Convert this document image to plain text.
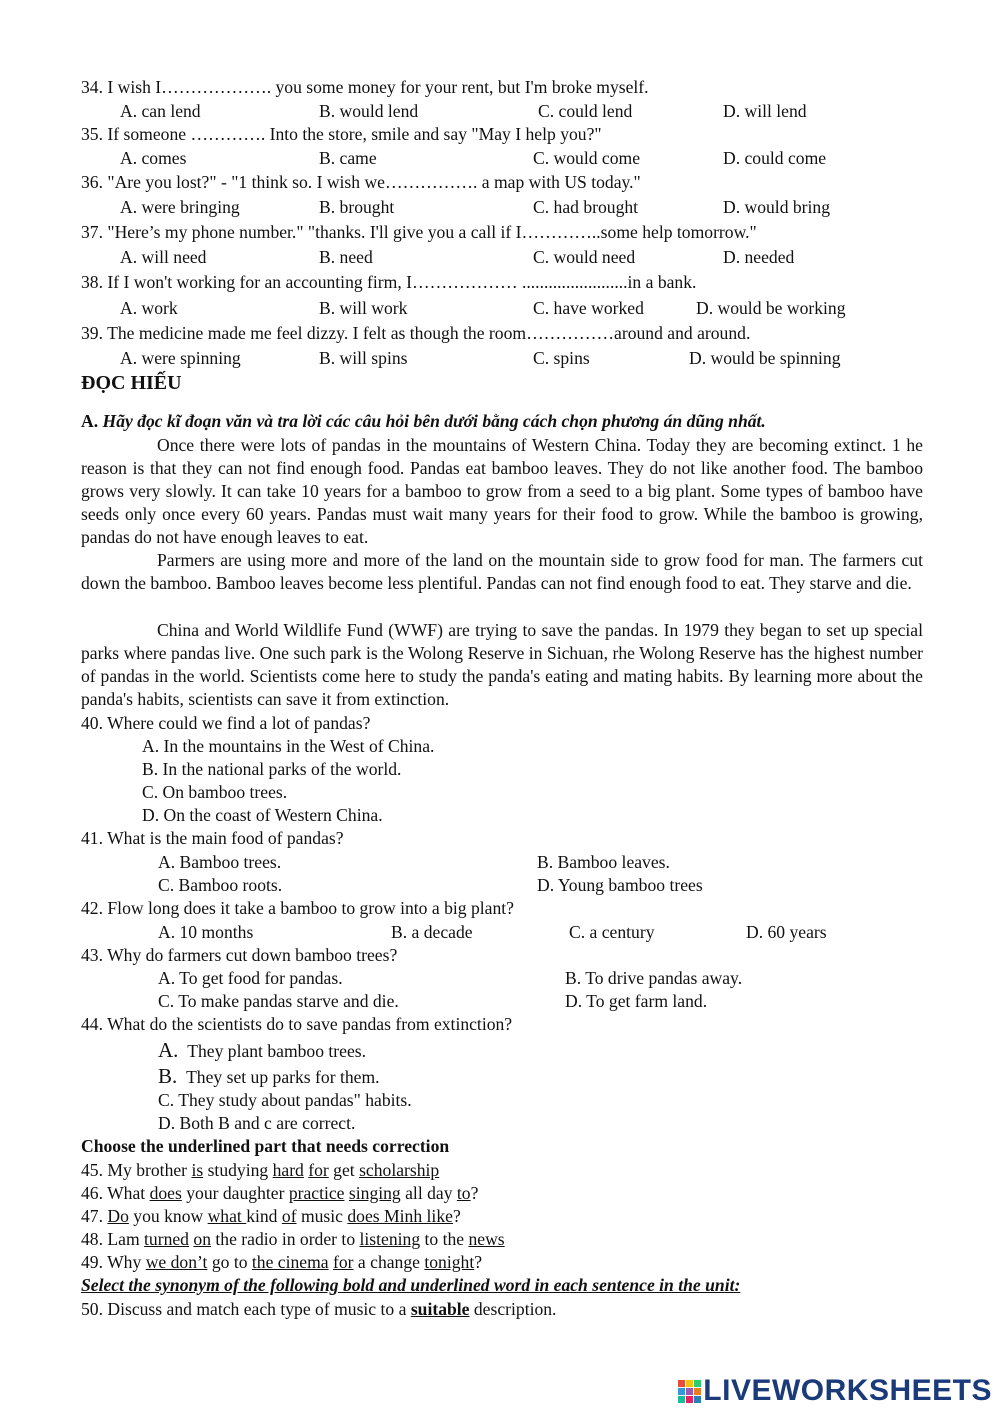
34. I wish I………………. you some money for your rent, but I'm broke myself.
A. can lend	B. would lend	C. could lend	D. will lend
35. If someone …………. Into the store, smile and say "May I help you?"
A. comes	B. came	C. would come	D. could come
36. "Are you lost?" - "1 think so. I wish we……………. a map with US today."
A. were bringing	B. brought	C. had brought	D. would bring
37. "Here’s my phone number." "thanks. I'll give you a call if I…………..some help tomorrow."
A. will need	B. need	C. would need	D. needed
38. If I won't working for an accounting firm, I……………… ........................in a bank.
A. work	B. will work	C. have worked	D. would be working
39. The medicine made me feel dizzy. I felt as though the room……………around and around.
A. were spinning	B. will spins	C. spins	D. would be spinning
ĐỌC HIẾU
A. Hãy đọc kĩ đoạn văn và tra lời các câu hỏi bên dưới bằng cách chọn phương án dũng nhất.
Once there were lots of pandas in the mountains of Western China. Today they are becoming extinct. 1 he reason is that they can not find enough food. Pandas eat bamboo leaves. They do not like another food. The bamboo grows very slowly. It can take 10 years for a bamboo to grow from a seed to a big plant. Some types of bamboo have seeds only once every 60 years. Pandas must wait many years for their food to grow. While the bamboo is growing, pandas do not have enough leaves to eat.
Parmers are using more and more of the land on the mountain side to grow food for man. The farmers cut down the bamboo. Bamboo leaves become less plentiful. Pandas can not find enough food to eat. They starve and die.
China and World Wildlife Fund (WWF) are trying to save the pandas. In 1979 they began to set up special parks where pandas live. One such park is the Wolong Reserve in Sichuan, rhe Wolong Reserve has the highest number of pandas in the world. Scientists come here to study the panda's eating and mating habits. By learning more about the panda's habits, scientists can save it from extinction.
40. Where could we find a lot of pandas?
A. In the mountains in the West of China.
B. In the national parks of the world.
C. On bamboo trees.
D. On the coast of Western China.
41. What is the main food of pandas?
A. Bamboo trees.	B. Bamboo leaves.
C. Bamboo roots.	D. Young bamboo trees
42. Flow long does it take a bamboo to grow into a big plant?
A. 10 months	B. a decade	C. a century	D. 60 years
43. Why do farmers cut down bamboo trees?
A. To get food for pandas.	B. To drive pandas away.
C. To make pandas starve and die.	D. To get farm land.
44. What do the scientists do to save pandas from extinction?
A. They plant bamboo trees.
B. They set up parks for them.
C. They study about pandas" habits.
D. Both B and c are correct.
Choose the underlined part that needs correction
45. My brother is studying hard for get scholarship
46. What does your daughter practice singing all day to?
47. Do you know what kind of music does Minh like?
48. Lam turned on the radio in order to listening to the news
49. Why we don’t go to the cinema for a change tonight?
Select the synonym of the following bold and underlined word in each sentence in the unit:
50. Discuss and match each type of music to a suitable description.
LIVEWORKSHEETS
